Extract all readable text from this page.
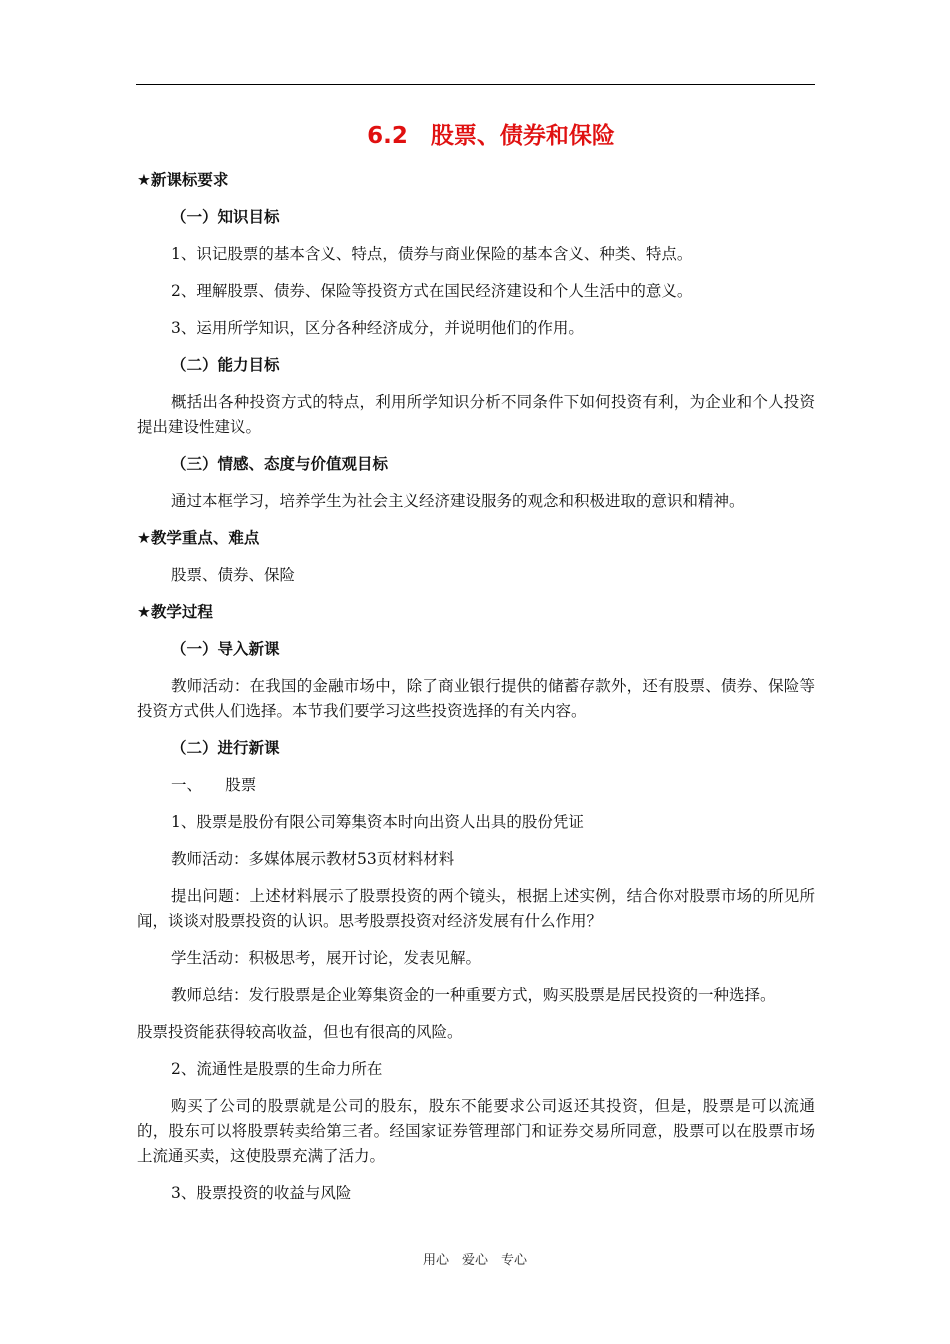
6.2　股票、债券和保险
★新课标要求
（一）知识目标
1、识记股票的基本含义、特点，债券与商业保险的基本含义、种类、特点。
2、理解股票、债券、保险等投资方式在国民经济建设和个人生活中的意义。
3、运用所学知识，区分各种经济成分，并说明他们的作用。
（二）能力目标
概括出各种投资方式的特点，利用所学知识分析不同条件下如何投资有利，为企业和个人投资提出建设性建议。
（三）情感、态度与价值观目标
通过本框学习，培养学生为社会主义经济建设服务的观念和积极进取的意识和精神。
★教学重点、难点
股票、债券、保险
★教学过程
（一）导入新课
教师活动：在我国的金融市场中，除了商业银行提供的储蓄存款外，还有股票、债券、保险等投资方式供人们选择。本节我们要学习这些投资选择的有关内容。
（二）进行新课
一、　　股票
1、股票是股份有限公司筹集资本时向出资人出具的股份凭证
教师活动：多媒体展示教材53页材料材料
提出问题：上述材料展示了股票投资的两个镜头，根据上述实例，结合你对股票市场的所见所闻，谈谈对股票投资的认识。思考股票投资对经济发展有什么作用？
学生活动：积极思考，展开讨论，发表见解。
教师总结：发行股票是企业筹集资金的一种重要方式，购买股票是居民投资的一种选择。
股票投资能获得较高收益，但也有很高的风险。
2、流通性是股票的生命力所在
购买了公司的股票就是公司的股东，股东不能要求公司返还其投资，但是，股票是可以流通的，股东可以将股票转卖给第三者。经国家证券管理部门和证券交易所同意，股票可以在股票市场上流通买卖，这使股票充满了活力。
3、股票投资的收益与风险
用心　爱心　专心
